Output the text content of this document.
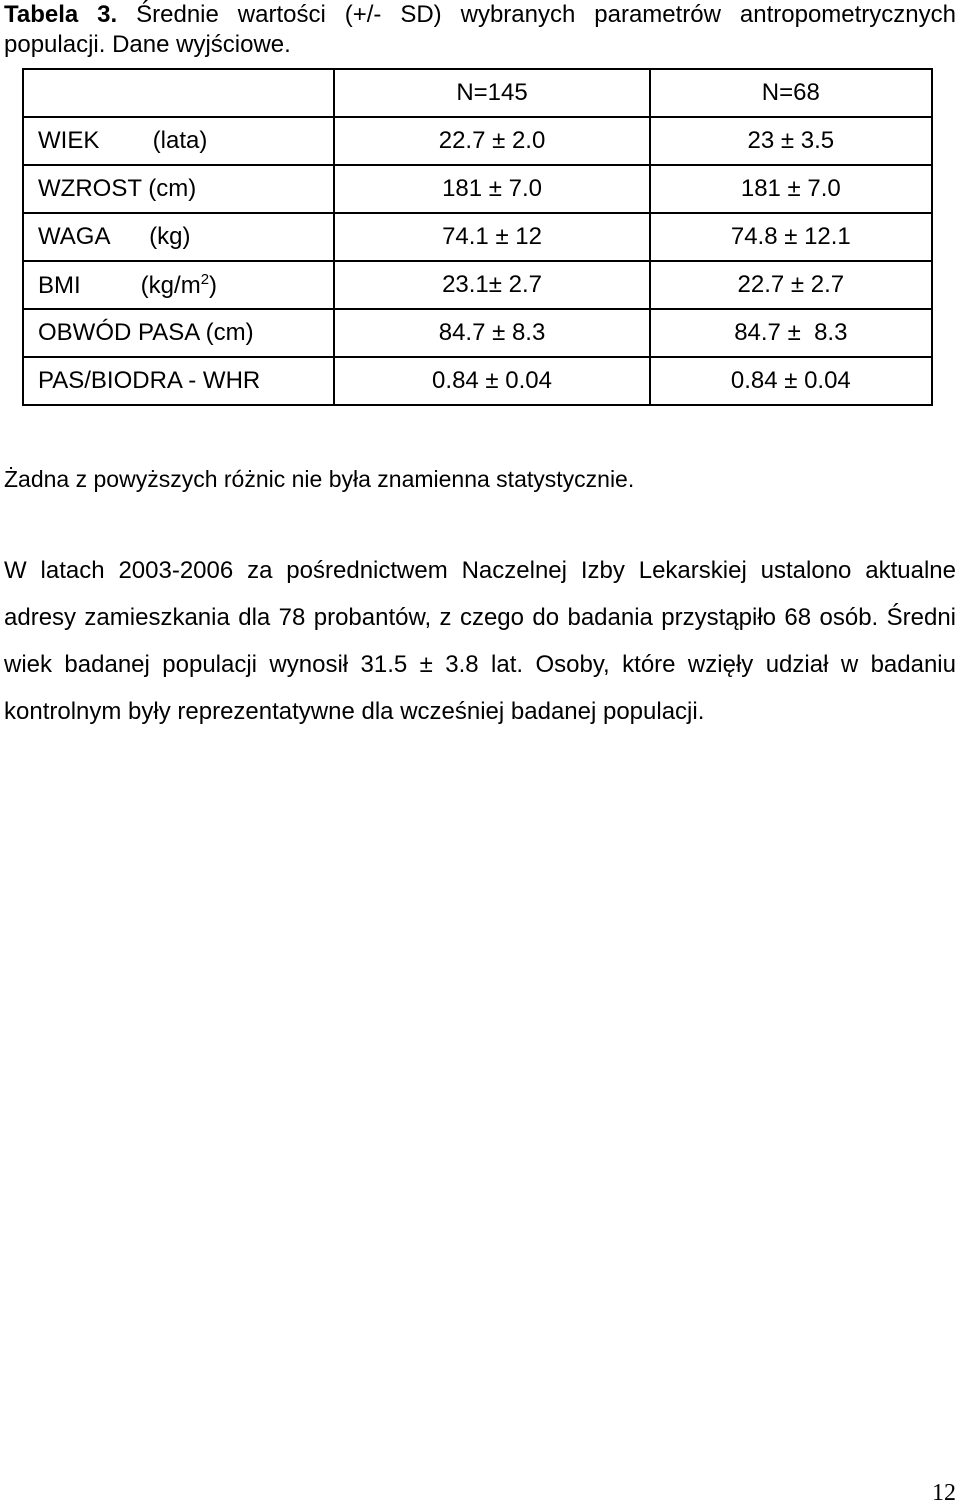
Tabela 3. Średnie wartości (+/- SD) wybranych parametrów antropometrycznych
populacji. Dane wyjściowe.
	N=145	N=68
WIEK        (lata)	22.7 ± 2.0	23 ± 3.5
WZROST (cm)	181 ± 7.0	181 ± 7.0
WAGA      (kg)	74.1 ± 12	74.8 ± 12.1
BMI         $(kg/m^2)$	23.1± 2.7	22.7 ± 2.7
OBWÓD PASA (cm)	84.7 ± 8.3	84.7 ±  8.3
PAS/BIODRA - WHR	0.84 ± 0.04	0.84 ± 0.04
Żadna z powyższych różnic nie była znamienna statystycznie.
W latach 2003-2006 za pośrednictwem Naczelnej Izby Lekarskiej ustalono aktualne adresy zamieszkania dla 78 probantów, z czego do badania przystąpiło 68 osób. Średni wiek badanej populacji wynosił 31.5 ± 3.8 lat. Osoby, które wzięły udział w badaniu kontrolnym były reprezentatywne dla wcześniej badanej populacji.
12
